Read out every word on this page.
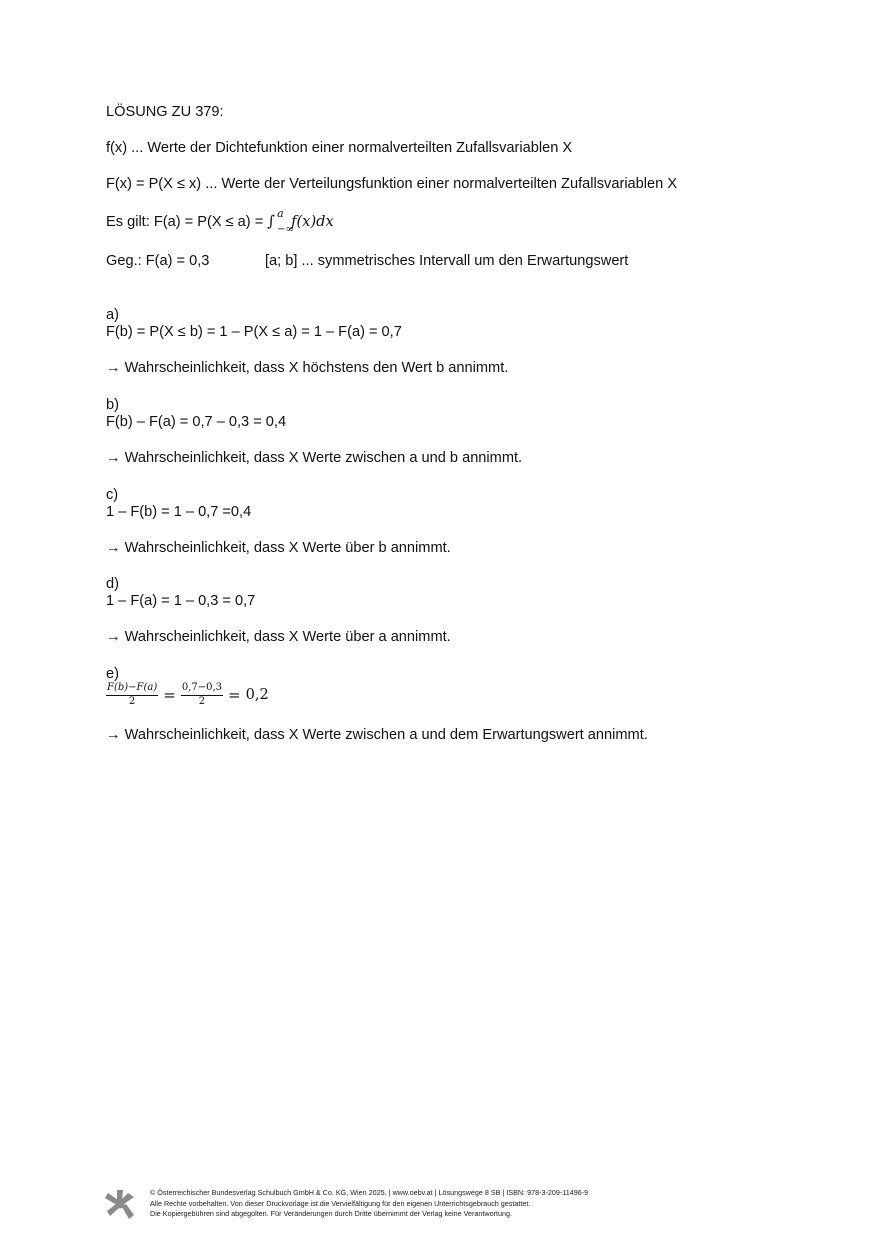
LÖSUNG ZU 379:
f(x) ... Werte der Dichtefunktion einer normalverteilten Zufallsvariablen X
F(x) = P(X ≤ x) ... Werte der Verteilungsfunktion einer normalverteilten Zufallsvariablen X
Es gilt: F(a) = P(X ≤ a) = ∫ a
−∞
f(x)dx
Geg.: F(a) = 0,3	[a; b] ... symmetrisches Intervall um den Erwartungswert
a)
F(b) = P(X ≤ b) = 1 – P(X ≤ a) = 1 – F(a) = 0,7
→ Wahrscheinlichkeit, dass X höchstens den Wert b annimmt.
b)
F(b) – F(a) = 0,7 – 0,3 = 0,4
→ Wahrscheinlichkeit, dass X Werte zwischen a und b annimmt.
c)
1 – F(b) = 1 – 0,7 =0,4
→ Wahrscheinlichkeit, dass X Werte über b annimmt.
d)
1 – F(a) = 1 – 0,3 = 0,7
→ Wahrscheinlichkeit, dass X Werte über a annimmt.
e)
$\frac{F(b)-F(a)}{2} = \frac{0,7-0,3}{2} = 0,2$
→ Wahrscheinlichkeit, dass X Werte zwischen a und dem Erwartungswert annimmt.
© Österreichischer Bundesverlag Schulbuch GmbH & Co. KG, Wien 2025. | www.oebv.at | Lösungswege 8 SB | ISBN: 978-3-209-11496-9
Alle Rechte vorbehalten. Von dieser Druckvorlage ist die Vervielfältigung für den eigenen Unterrichtsgebrauch gestattet.
Die Kopiergebühren sind abgegolten. Für Veränderungen durch Dritte übernimmt der Verlag keine Verantwortung.
